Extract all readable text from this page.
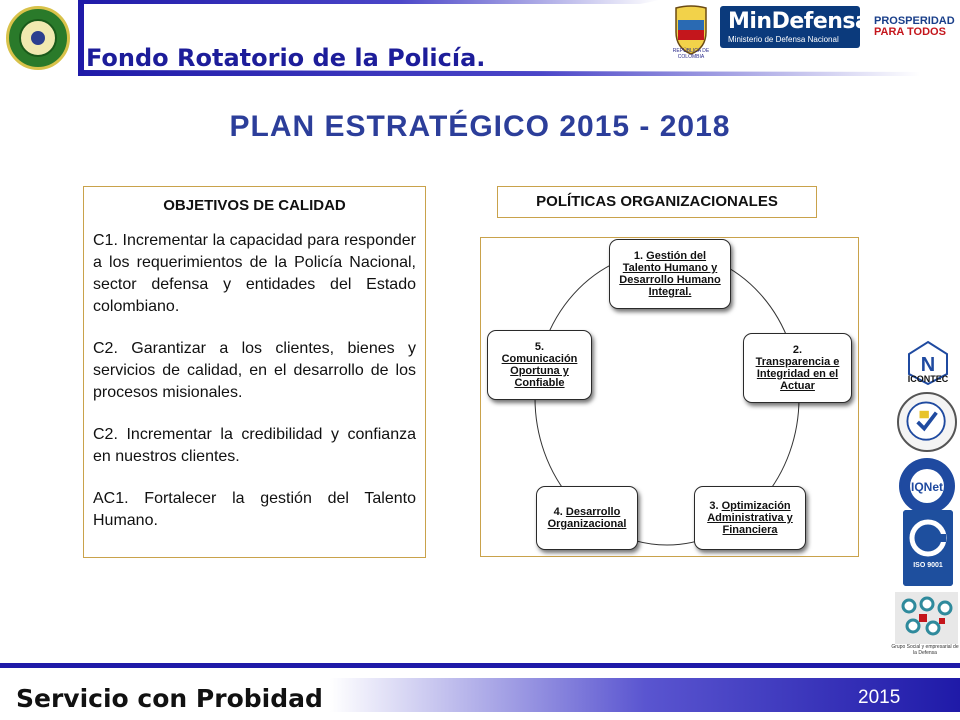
Fondo Rotatorio de la Policía.	REPÚBLICA DE COLOMBIA
MinDefensa
Ministerio de Defensa Nacional
PROSPERIDAD
PARA TODOS
PLAN ESTRATÉGICO 2015 - 2018
OBJETIVOS DE CALIDAD

C1. Incrementar la capacidad para responder a los requerimientos de la Policía Nacional, sector defensa y entidades del Estado colombiano.

C2. Garantizar a los clientes, bienes y servicios de calidad, en el desarrollo de los procesos misionales.

C2. Incrementar la credibilidad y confianza en nuestros clientes.

AC1. Fortalecer la gestión del Talento Humano.

POLÍTICAS ORGANIZACIONALES
1. Gestión del Talento Humano y Desarrollo Humano Integral.
2.
Transparencia e Integridad en el Actuar
3. Optimización Administrativa y Financiera
4. Desarrollo Organizacional
5.
Comunicación Oportuna y Confiable
N
ICONTEC
IQNet
ISO 9001
Grupo Social y empresarial de la Defensa
Servicio con Probidad	2015
